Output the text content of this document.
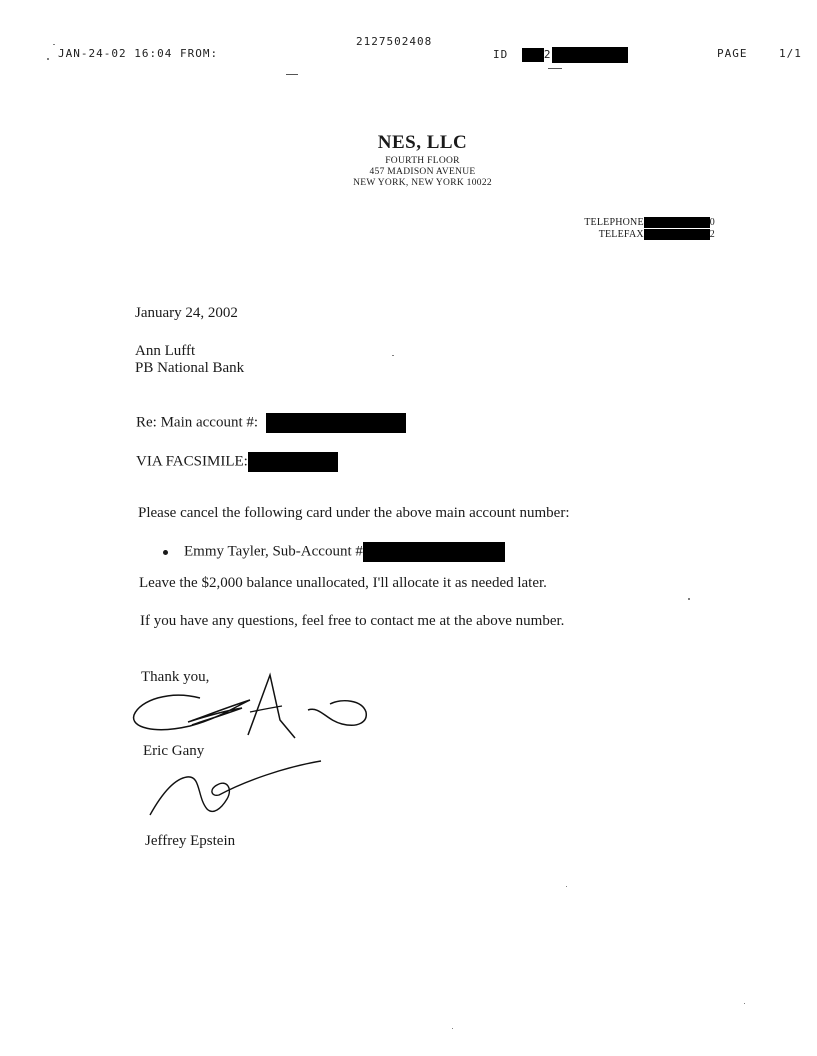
JAN-24-02 16:04 FROM:
2127502408
ID	2	PAGE	1/1
NES, LLC
FOURTH FLOOR
457 MADISON AVENUE
NEW YORK, NEW YORK 10022
TELEPHONE	0
TELEFAX	2
January 24, 2002
Ann Lufft
PB National Bank
Re: Main account #:
VIA FACSIMILE:
Please cancel the following card under the above main account number:
Emmy Tayler, Sub-Account #
Leave the $2,000 balance unallocated, I'll allocate it as needed later.
If you have any questions, feel free to contact me at the above number.
Thank you,
Eric Gany
Jeffrey Epstein
